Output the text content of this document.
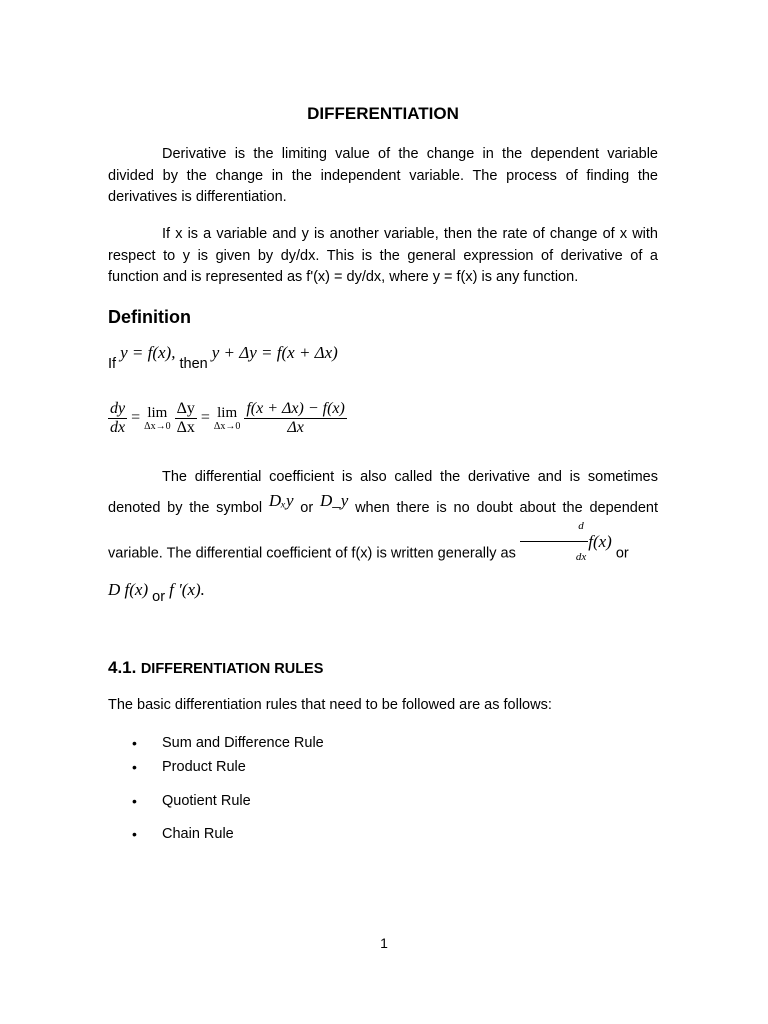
DIFFERENTIATION

Derivative is the limiting value of the change in the dependent variable divided by the change in the independent variable. The process of finding the derivatives is differentiation.

If x is a variable and y is another variable, then the rate of change of x with respect to y is given by dy/dx. This is the general expression of derivative of a function and is represented as f'(x) = dy/dx, where y = f(x) is any function.

Definition
If y = f(x), then y + Δy = f(x + Δx)
$\frac{dy}{dx} = \lim$
Δx→0
$\frac{\Delta y}{\Delta x} = \lim$
Δx→0
$\frac{f(x + \Delta x) - f(x)}{\Delta x}$
The differential coefficient is also called the derivative and is sometimes denoted by the symbol Dₓy or D_y when there is no doubt about the dependent variable. The differential coefficient of f(x) is written generally as $\frac{d}{dx} f(x)$ or
D f(x) or f ′(x).
4.1. DIFFERENTIATION RULES
The basic differentiation rules that need to be followed are as follows:
• Sum and Difference Rule
• Product Rule
• Quotient Rule
• Chain Rule
1
